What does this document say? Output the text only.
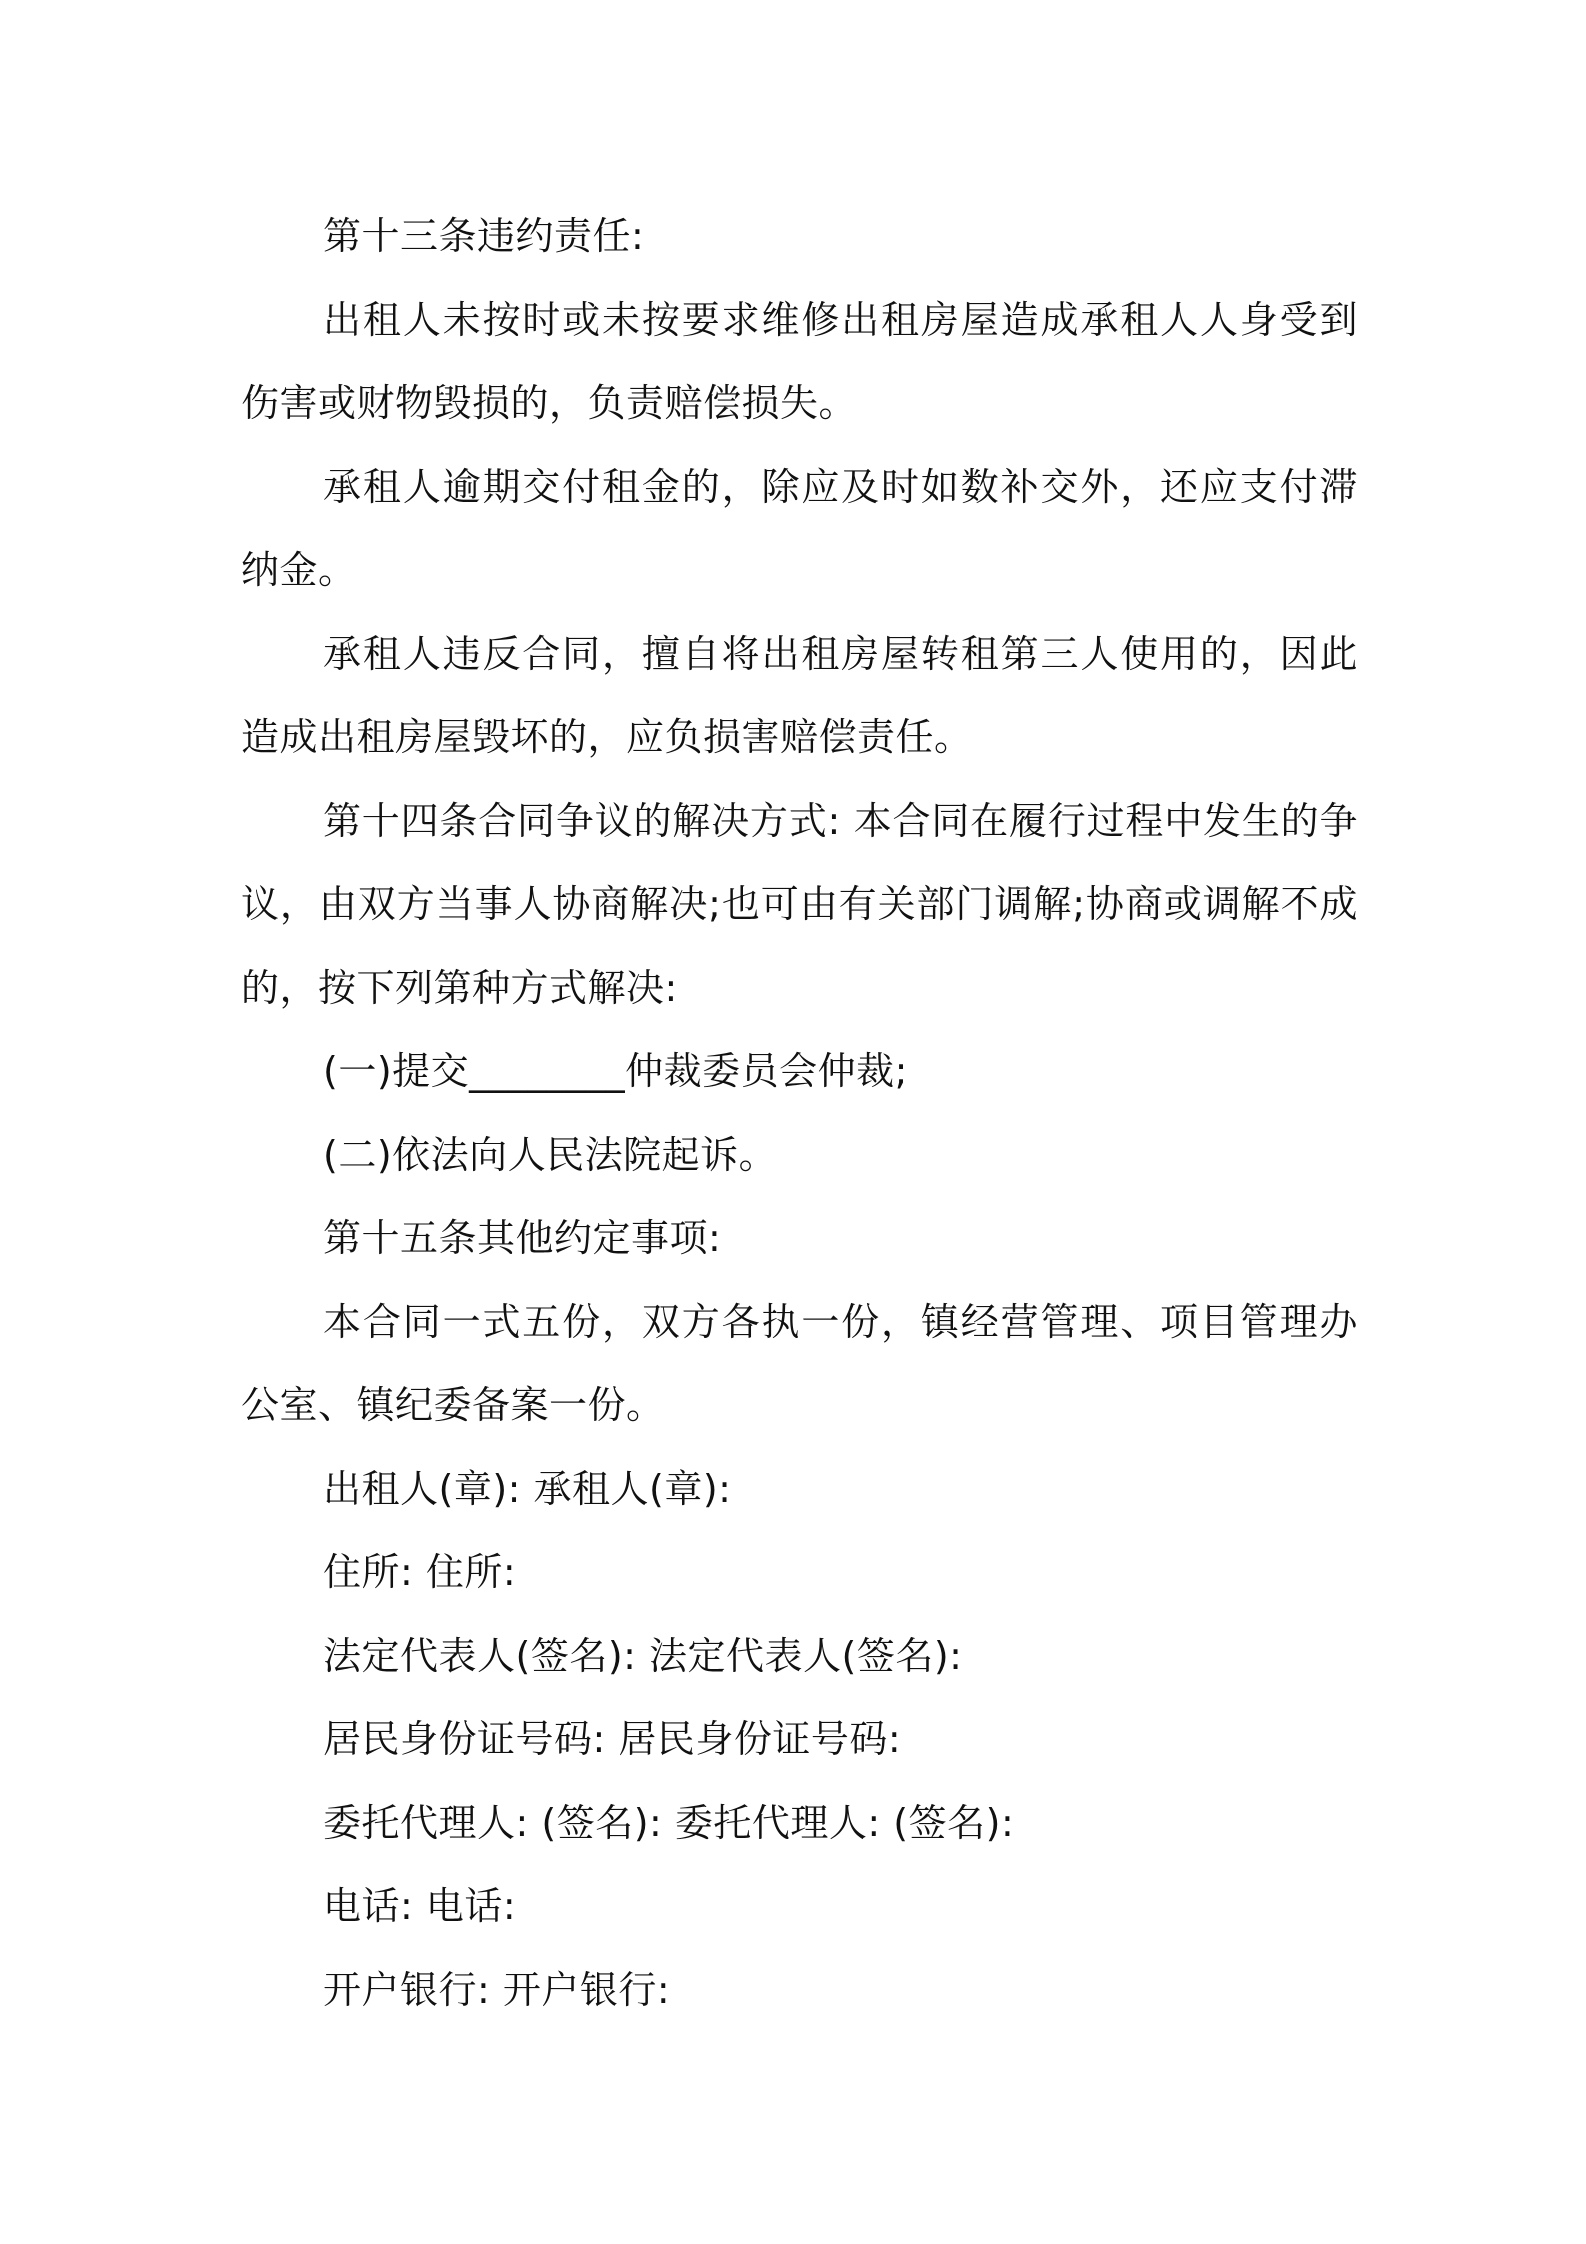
第十三条违约责任:

出租人未按时或未按要求维修出租房屋造成承租人人身受到伤害或财物毁损的，负责赔偿损失。

承租人逾期交付租金的，除应及时如数补交外，还应支付滞纳金。

承租人违反合同，擅自将出租房屋转租第三人使用的，因此造成出租房屋毁坏的，应负损害赔偿责任。

第十四条合同争议的解决方式: 本合同在履行过程中发生的争议，由双方当事人协商解决;也可由有关部门调解;协商或调解不成的，按下列第种方式解决:

(一)提交________仲裁委员会仲裁;

(二)依法向人民法院起诉。

第十五条其他约定事项:

本合同一式五份，双方各执一份，镇经营管理、项目管理办公室、镇纪委备案一份。

出租人(章): 承租人(章):

住所: 住所:

法定代表人(签名): 法定代表人(签名):

居民身份证号码: 居民身份证号码:

委托代理人: (签名): 委托代理人: (签名):

电话: 电话:

开户银行: 开户银行:
